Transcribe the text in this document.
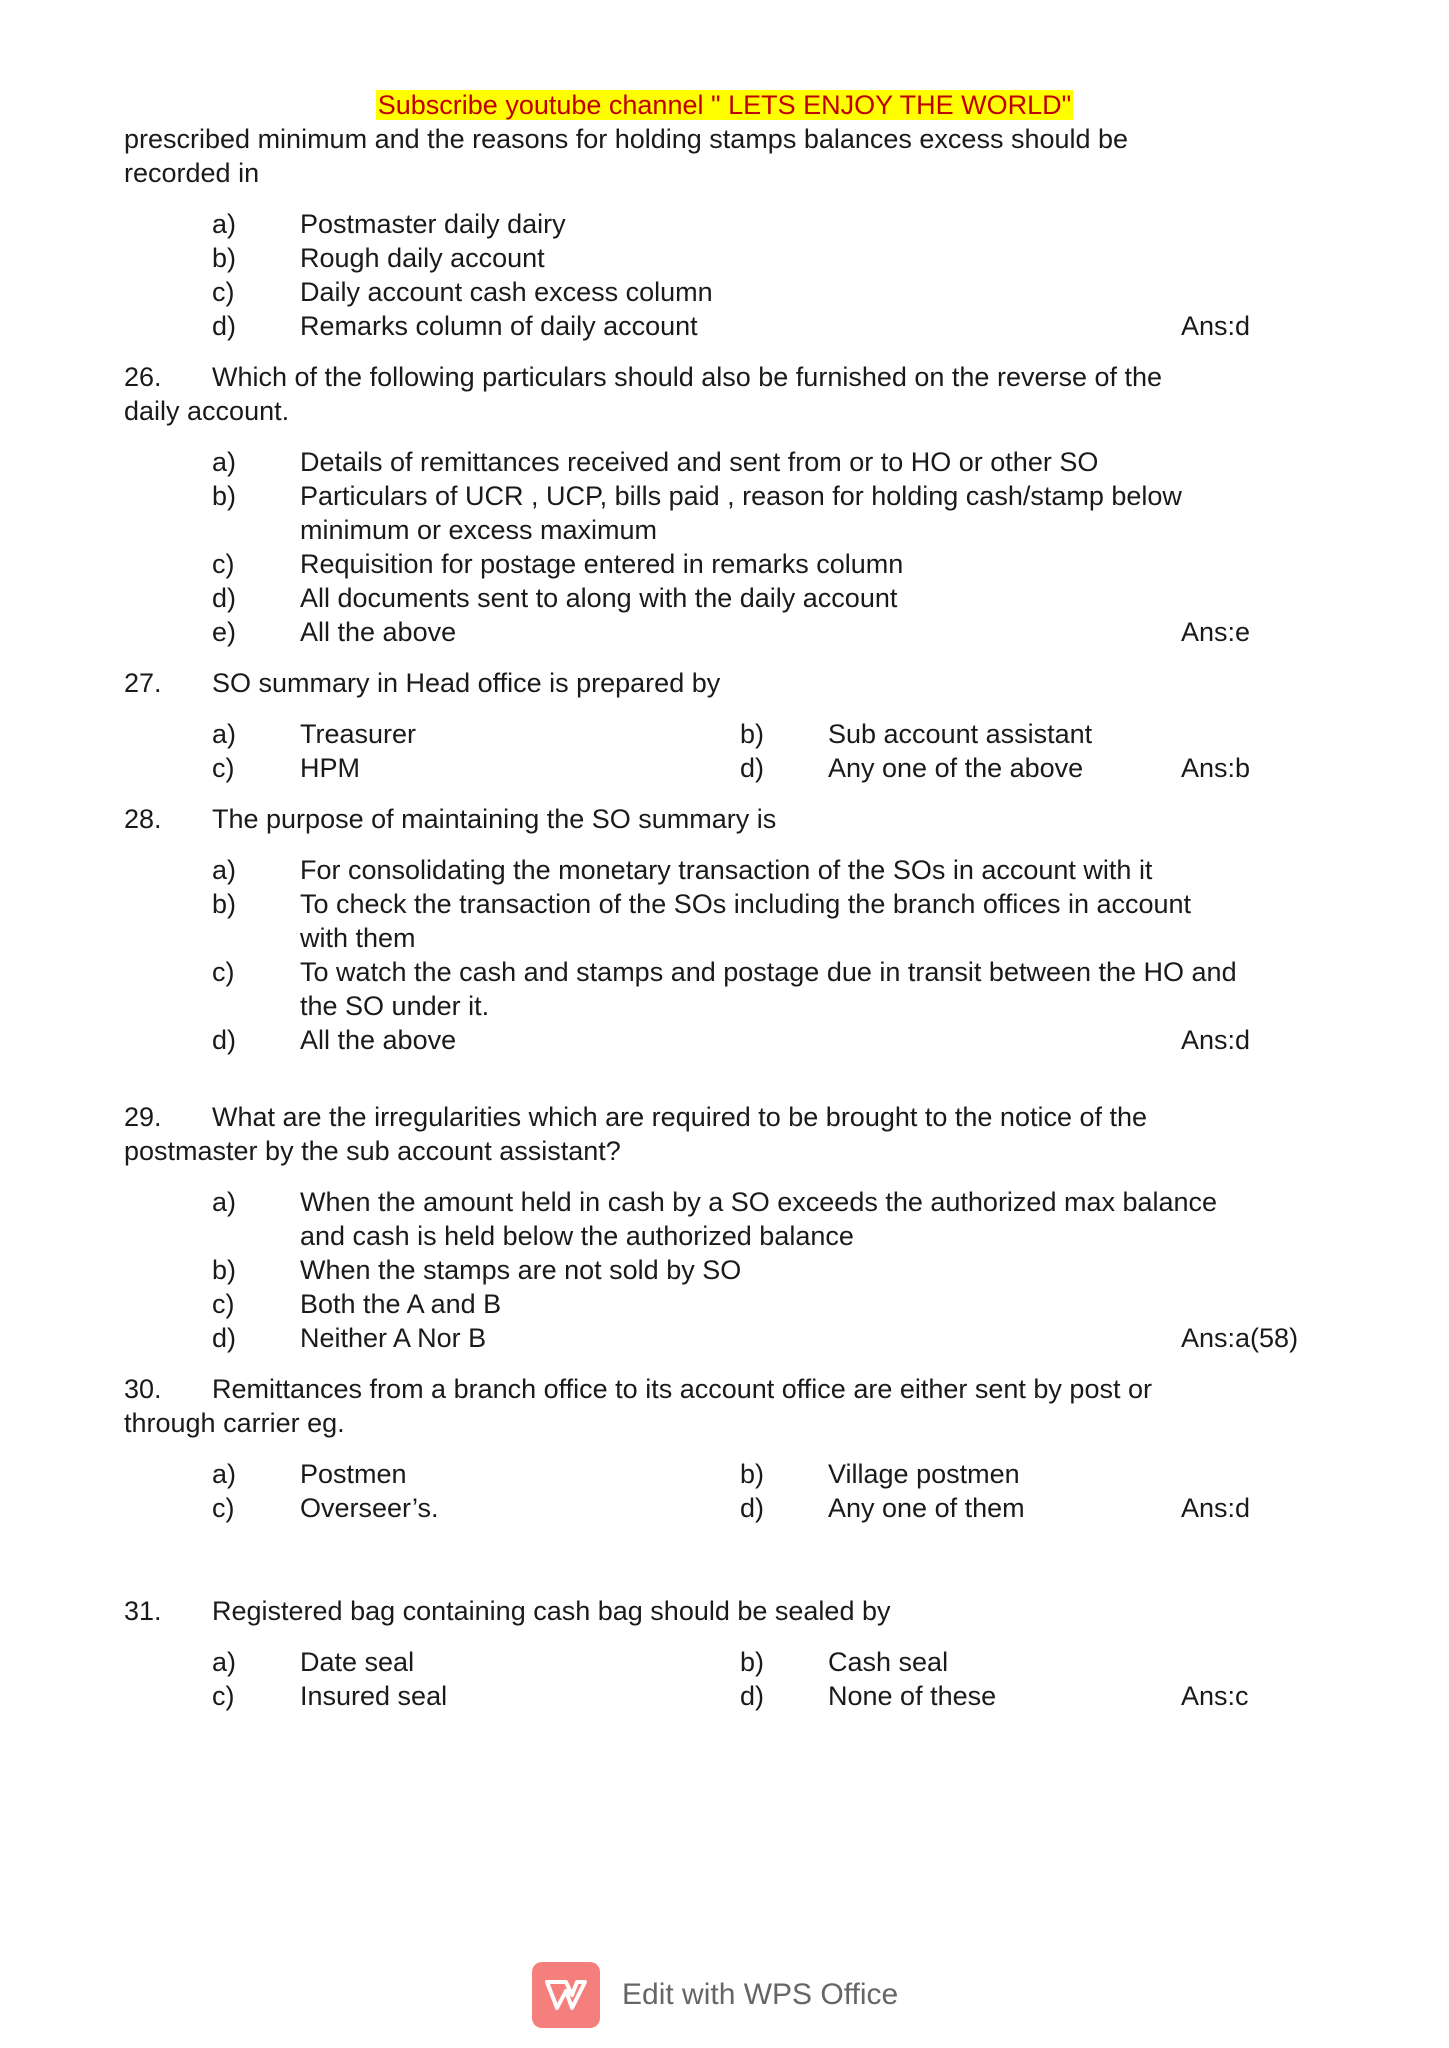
Subscribe youtube channel " LETS ENJOY THE WORLD"
prescribed minimum and the reasons for holding stamps balances excess should be
recorded in
a) Postmaster daily dairy
b) Rough daily account
c) Daily account cash excess column
d) Remarks column of daily account	Ans:d
26. Which of the following particulars should also be furnished on the reverse of the
daily account.
a) Details of remittances received and sent from or to HO or other SO
b) Particulars of UCR , UCP, bills paid , reason for holding cash/stamp below
minimum or excess maximum
c) Requisition for postage entered in remarks column
d) All documents sent to along with the daily account
e) All the above	Ans:e
27. SO summary in Head office is prepared by
a) Treasurer	b) Sub account assistant
c) HPM	d) Any one of the above	Ans:b
28. The purpose of maintaining the SO summary is
a) For consolidating the monetary transaction of the SOs in account with it
b) To check the transaction of the SOs including the branch offices in account
with them
c) To watch the cash and stamps and postage due in transit between the HO and
the SO under it.
d) All the above	Ans:d
29. What are the irregularities which are required to be brought to the notice of the
postmaster by the sub account assistant?
a) When the amount held in cash by a SO exceeds the authorized max balance
and cash is held below the authorized balance
b) When the stamps are not sold by SO
c) Both the A and B
d) Neither A Nor B	Ans:a(58)
30. Remittances from a branch office to its account office are either sent by post or
through carrier eg.
a) Postmen	b) Village postmen
c) Overseer’s.	d) Any one of them	Ans:d
31. Registered bag containing cash bag should be sealed by
a) Date seal	b) Cash seal
c) Insured seal	d) None of these	Ans:c
Edit with WPS Office
